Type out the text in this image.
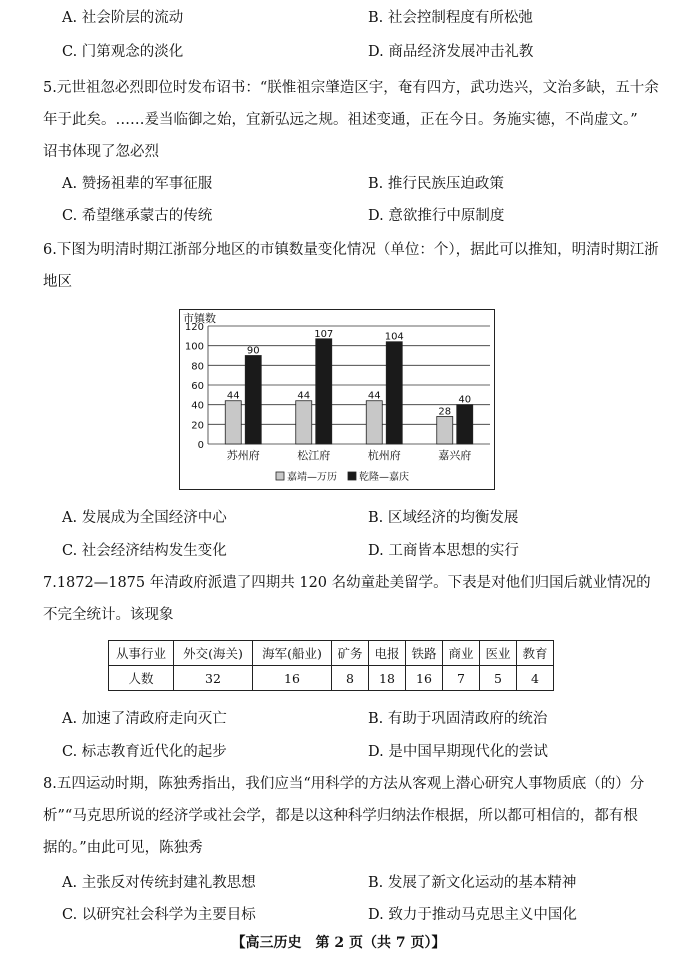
A. 社会阶层的流动	B. 社会控制程度有所松弛
C. 门第观念的淡化	D. 商品经济发展冲击礼教
5.元世祖忽必烈即位时发布诏书：“朕惟祖宗肇造区宇，奄有四方，武功迭兴，文治多缺，五十余
年于此矣。……爰当临御之始，宜新弘远之规。祖述变通，正在今日。务施实德，不尚虚文。”
诏书体现了忽必烈
A. 赞扬祖辈的军事征服	B. 推行民族压迫政策
C. 希望继承蒙古的传统	D. 意欲推行中原制度
6.下图为明清时期江浙部分地区的市镇数量变化情况（单位：个），据此可以推知，明清时期江浙
地区
市镇数
0
20
40
60
80
100
120
44
90
苏州府
44
107
松江府
44
104
杭州府
28
40
嘉兴府
嘉靖—万历 乾隆—嘉庆
A. 发展成为全国经济中心	B. 区域经济的均衡发展
C. 社会经济结构发生变化	D. 工商皆本思想的实行
7.1872—1875 年清政府派遣了四期共 120 名幼童赴美留学。下表是对他们归国后就业情况的
不完全统计。该现象
从事行业	外交(海关)	海军(船业)	矿务	电报	铁路	商业	医业	教育
人数	32	16	8	18	16	7	5	4
A. 加速了清政府走向灭亡	B. 有助于巩固清政府的统治
C. 标志教育近代化的起步	D. 是中国早期现代化的尝试
8.五四运动时期，陈独秀指出，我们应当“用科学的方法从客观上潜心研究人事物质底（的）分
析”“马克思所说的经济学或社会学，都是以这种科学归纳法作根据，所以都可相信的，都有根
据的。”由此可见，陈独秀
A. 主张反对传统封建礼教思想	B. 发展了新文化运动的基本精神
C. 以研究社会科学为主要目标	D. 致力于推动马克思主义中国化
【高三历史　第 2 页（共 7 页）】
